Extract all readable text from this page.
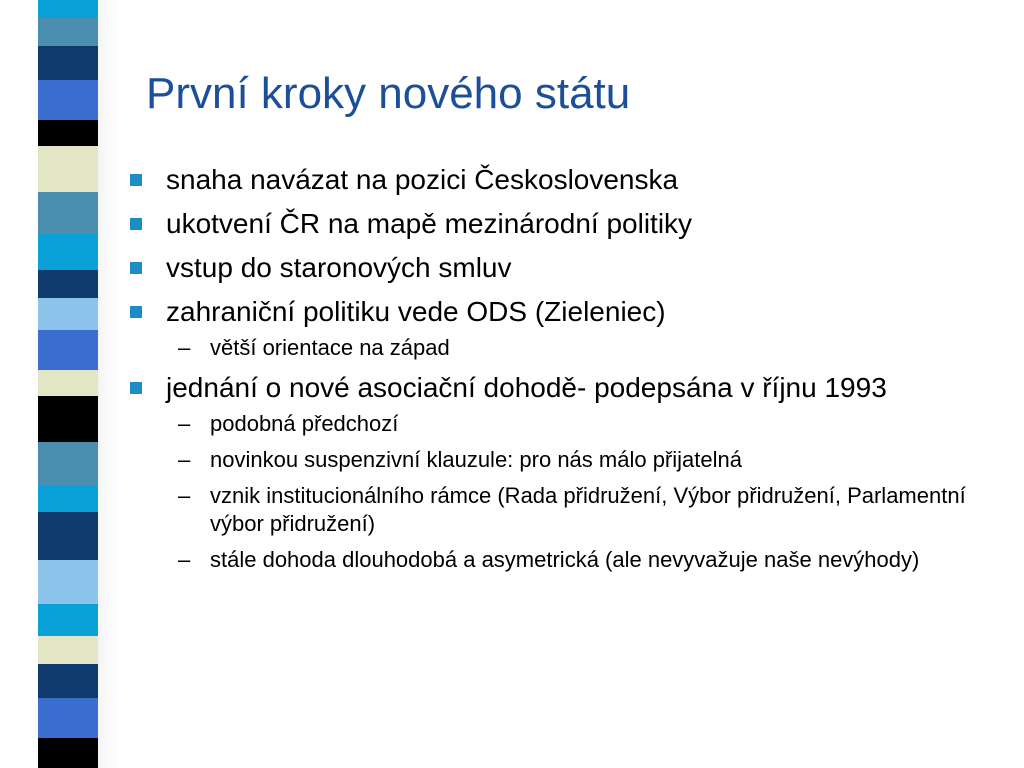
První kroky nového státu
snaha navázat na pozici Československa
ukotvení ČR na mapě mezinárodní politiky
vstup do staronových smluv
zahraniční politiku vede ODS (Zieleniec)
– větší orientace na západ
jednání o nové asociační dohodě- podepsána v říjnu 1993
– podobná předchozí
– novinkou suspenzivní klauzule: pro nás málo přijatelná
– vznik institucionálního rámce (Rada přidružení, Výbor přidružení, Parlamentní výbor přidružení)
– stále dohoda dlouhodobá a asymetrická (ale nevyvažuje naše nevýhody)
